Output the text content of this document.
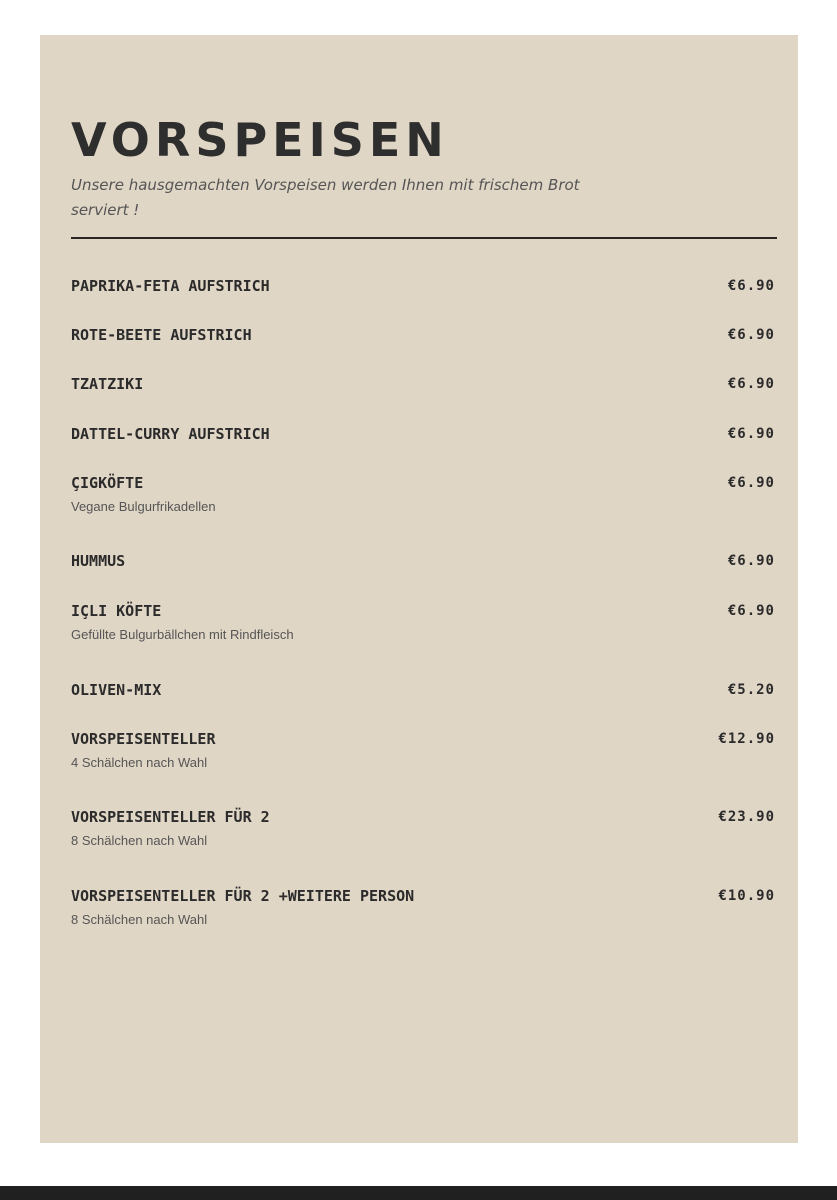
VORSPEISEN

Unsere hausgemachten Vorspeisen werden Ihnen mit frischem Brot serviert !

PAPRIKA-FETA AUFSTRICH	€6.90
ROTE-BEETE AUFSTRICH	€6.90
TZATZIKI	€6.90
DATTEL-CURRY AUFSTRICH	€6.90
ÇIGKÖFTE	€6.90
Vegane Bulgurfrikadellen
HUMMUS	€6.90
IÇLI KÖFTE	€6.90
Gefüllte Bulgurbällchen mit Rindfleisch
OLIVEN-MIX	€5.20
VORSPEISENTELLER	€12.90
4 Schälchen nach Wahl
VORSPEISENTELLER FÜR 2	€23.90
8 Schälchen nach Wahl
VORSPEISENTELLER FÜR 2 +WEITERE PERSON	€10.90
8 Schälchen nach Wahl
